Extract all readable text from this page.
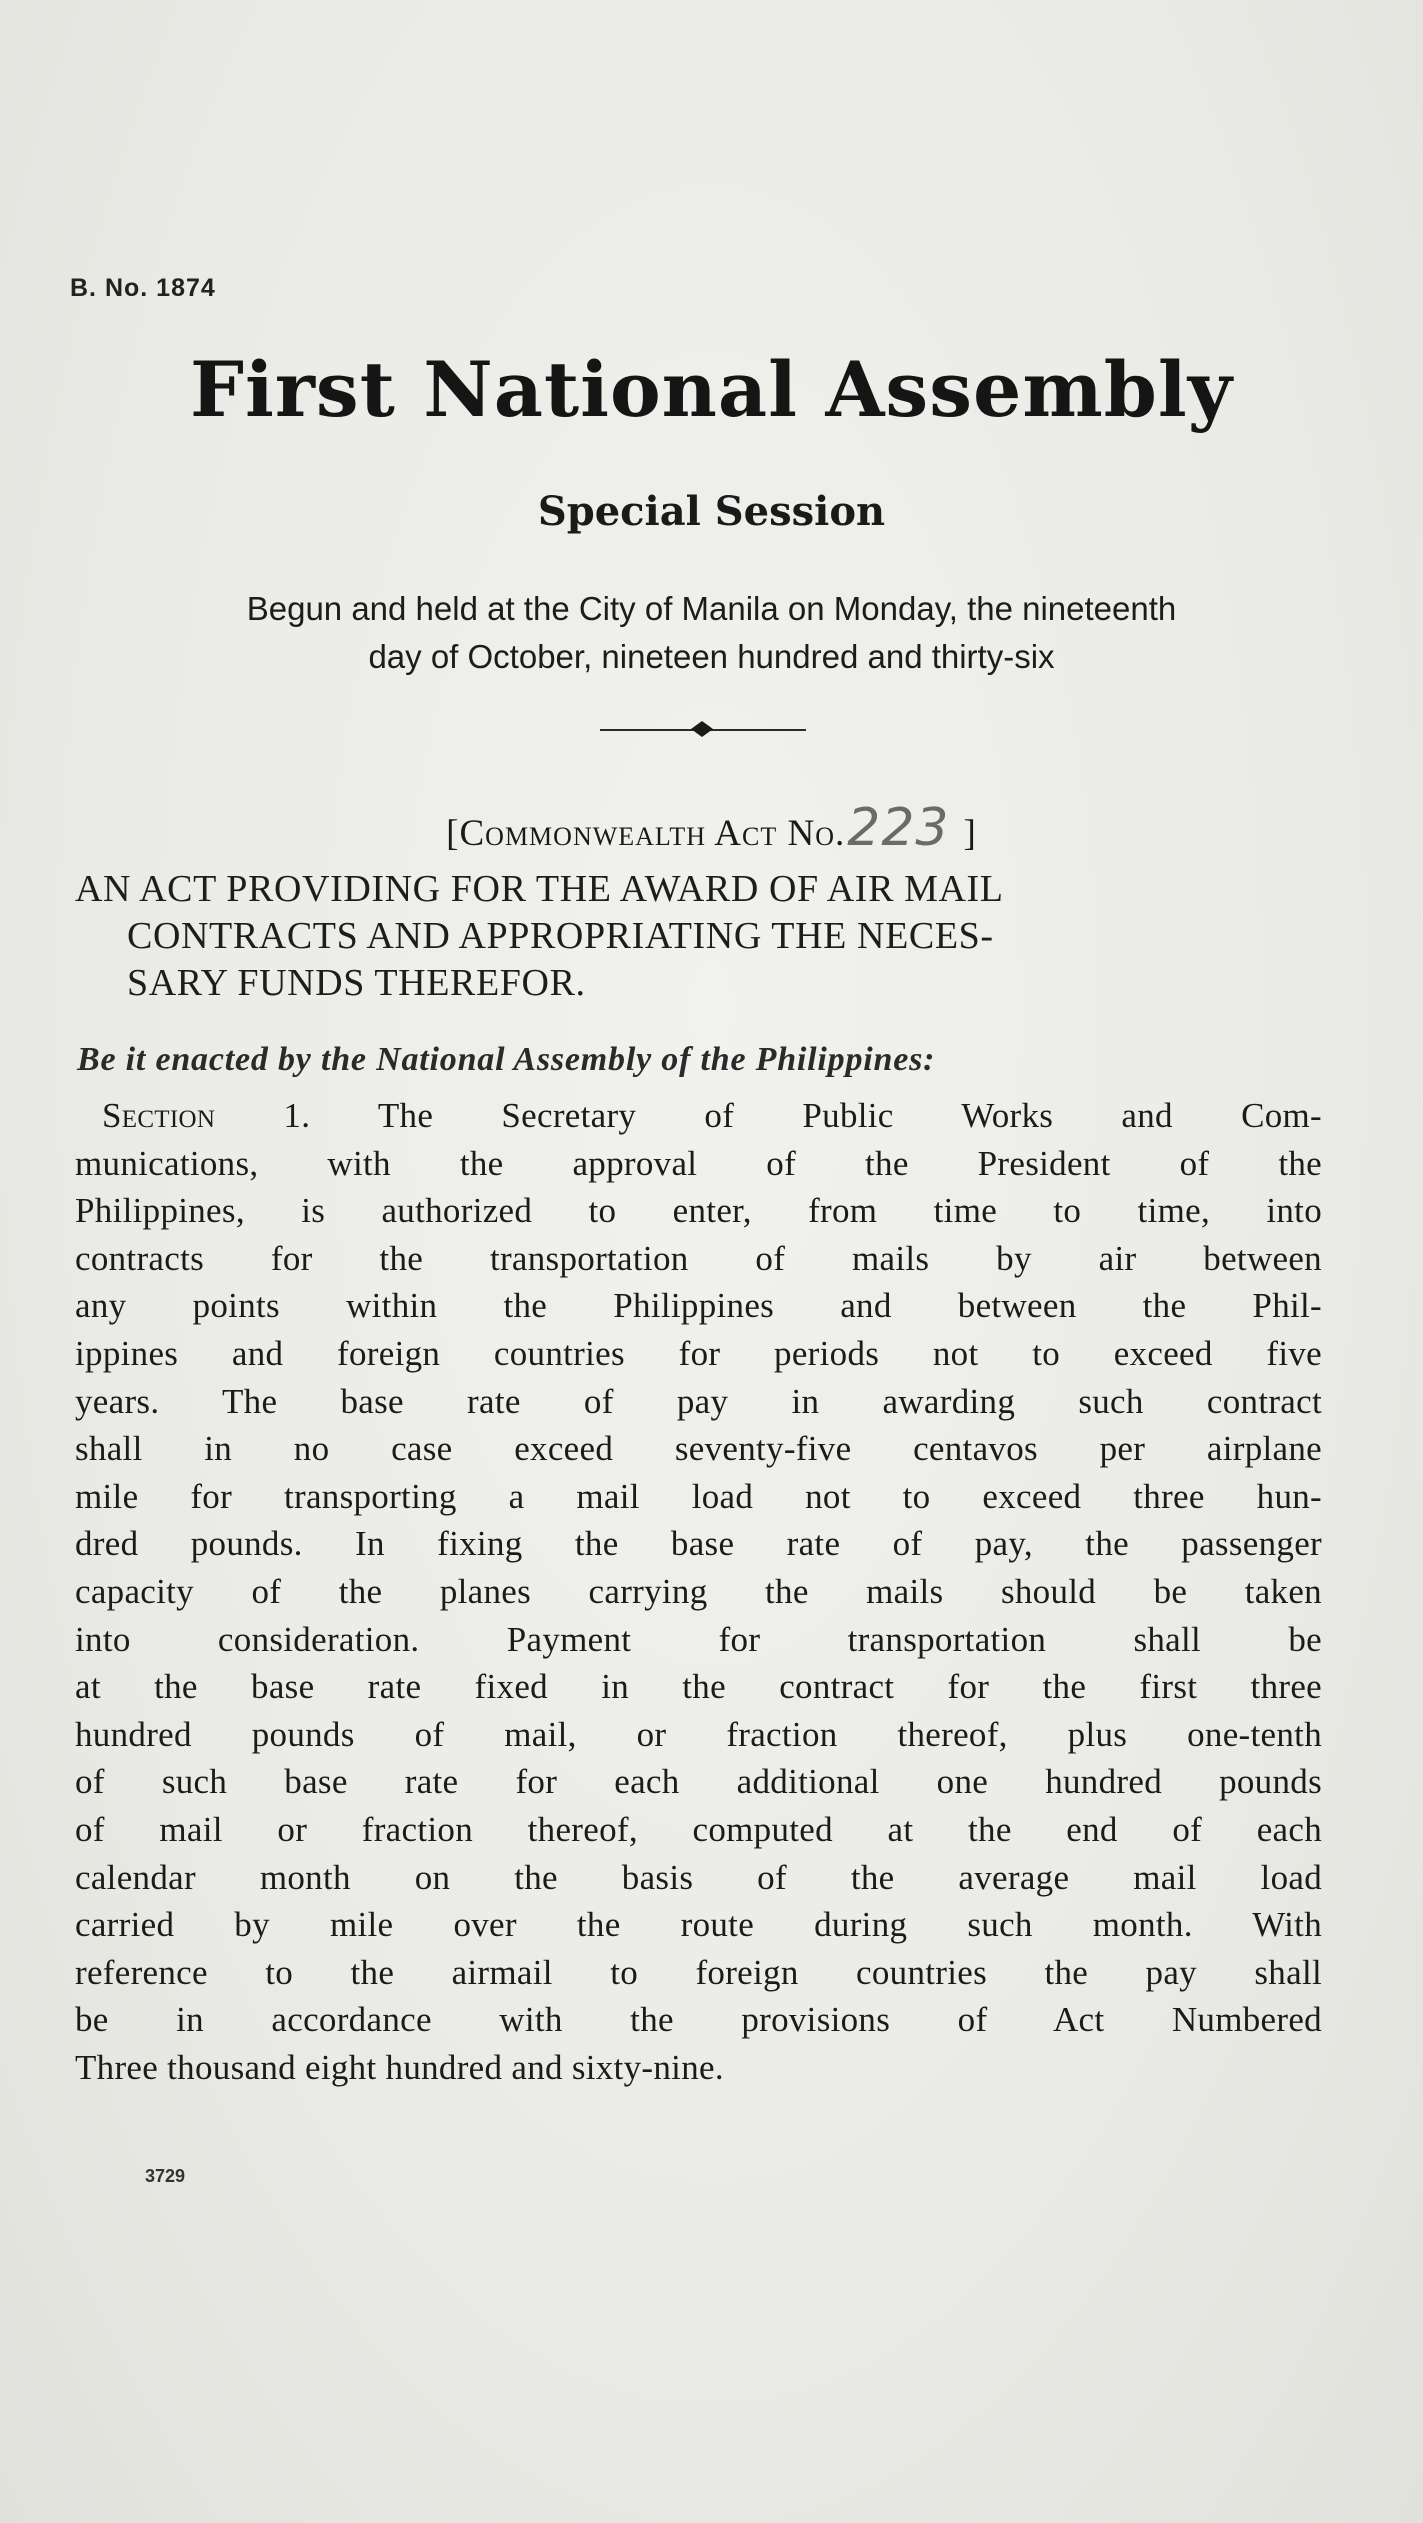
B. No. 1874
First National Assembly
Special Session
Begun and held at the City of Manila on Monday, the nineteenth
day of October, nineteen hundred and thirty-six
[Commonwealth Act No.223 ]
AN ACT PROVIDING FOR THE AWARD OF AIR MAIL
CONTRACTS AND APPROPRIATING THE NECES-
SARY FUNDS THEREFOR.
Be it enacted by the National Assembly of the Philippines:
Section 1. The Secretary of Public Works and Com-
munications, with the approval of the President of the
Philippines, is authorized to enter, from time to time, into
contracts for the transportation of mails by air between
any points within the Philippines and between the Phil-
ippines and foreign countries for periods not to exceed five
years. The base rate of pay in awarding such contract
shall in no case exceed seventy-five centavos per airplane
mile for transporting a mail load not to exceed three hun-
dred pounds. In fixing the base rate of pay, the passenger
capacity of the planes carrying the mails should be taken
into consideration. Payment for transportation shall be
at the base rate fixed in the contract for the first three
hundred pounds of mail, or fraction thereof, plus one-tenth
of such base rate for each additional one hundred pounds
of mail or fraction thereof, computed at the end of each
calendar month on the basis of the average mail load
carried by mile over the route during such month. With
reference to the airmail to foreign countries the pay shall
be in accordance with the provisions of Act Numbered
Three thousand eight hundred and sixty-nine.
3729
